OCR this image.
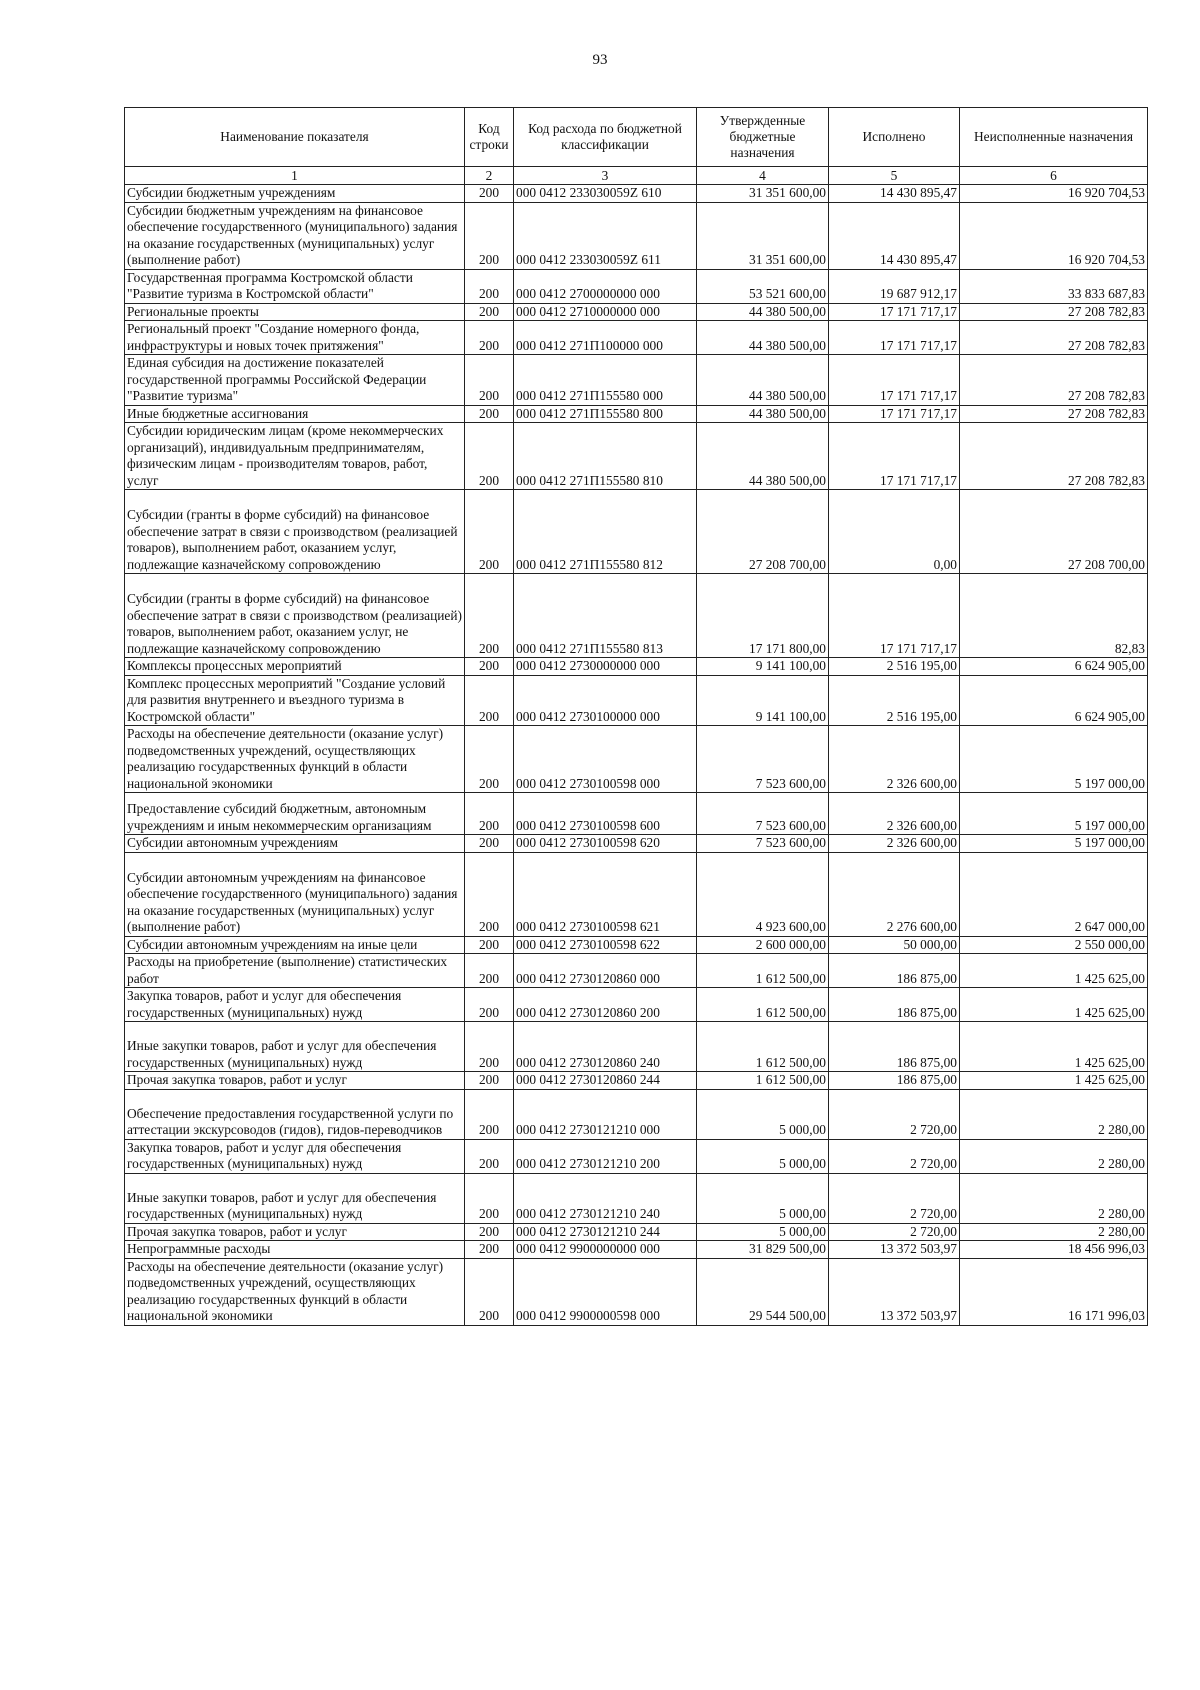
93
Наименование показателя	Код строки	Код расхода по бюджетной классификации	Утвержденные бюджетные назначения	Исполнено	Неисполненные назначения
1	2	3	4	5	6
Субсидии бюджетным учреждениям	200	000 0412 233030059Z 610	31 351 600,00	14 430 895,47	16 920 704,53
Субсидии бюджетным учреждениям на финансовое обеспечение государственного (муниципального) задания на оказание государственных (муниципальных) услуг (выполнение работ)	200	000 0412 233030059Z 611	31 351 600,00	14 430 895,47	16 920 704,53
Государственная программа Костромской области "Развитие туризма в Костромской области"	200	000 0412 2700000000 000	53 521 600,00	19 687 912,17	33 833 687,83
Региональные проекты	200	000 0412 2710000000 000	44 380 500,00	17 171 717,17	27 208 782,83
Региональный проект "Создание номерного фонда, инфраструктуры и новых точек притяжения"	200	000 0412 271П100000 000	44 380 500,00	17 171 717,17	27 208 782,83
Единая субсидия на достижение показателей государственной программы Российской Федерации "Развитие туризма"	200	000 0412 271П155580 000	44 380 500,00	17 171 717,17	27 208 782,83
Иные бюджетные ассигнования	200	000 0412 271П155580 800	44 380 500,00	17 171 717,17	27 208 782,83
Субсидии юридическим лицам (кроме некоммерческих организаций), индивидуальным предпринимателям, физическим лицам - производителям товаров, работ, услуг	200	000 0412 271П155580 810	44 380 500,00	17 171 717,17	27 208 782,83
Субсидии (гранты в форме субсидий) на финансовое обеспечение затрат в связи с производством (реализацией товаров), выполнением работ, оказанием услуг, подлежащие казначейскому сопровождению	200	000 0412 271П155580 812	27 208 700,00	0,00	27 208 700,00
Субсидии (гранты в форме субсидий) на финансовое обеспечение затрат в связи с производством (реализацией) товаров, выполнением работ, оказанием услуг, не подлежащие казначейскому сопровождению	200	000 0412 271П155580 813	17 171 800,00	17 171 717,17	82,83
Комплексы процессных мероприятий	200	000 0412 2730000000 000	9 141 100,00	2 516 195,00	6 624 905,00
Комплекс процессных мероприятий "Создание условий для развития внутреннего и въездного туризма в Костромской области"	200	000 0412 2730100000 000	9 141 100,00	2 516 195,00	6 624 905,00
Расходы на обеспечение деятельности (оказание услуг) подведомственных учреждений, осуществляющих реализацию государственных функций в области национальной экономики	200	000 0412 2730100598 000	7 523 600,00	2 326 600,00	5 197 000,00
Предоставление субсидий бюджетным, автономным учреждениям и иным некоммерческим организациям	200	000 0412 2730100598 600	7 523 600,00	2 326 600,00	5 197 000,00
Субсидии автономным учреждениям	200	000 0412 2730100598 620	7 523 600,00	2 326 600,00	5 197 000,00
Субсидии автономным учреждениям на финансовое обеспечение государственного (муниципального) задания на оказание государственных (муниципальных) услуг (выполнение работ)	200	000 0412 2730100598 621	4 923 600,00	2 276 600,00	2 647 000,00
Субсидии автономным учреждениям на иные цели	200	000 0412 2730100598 622	2 600 000,00	50 000,00	2 550 000,00
Расходы на приобретение (выполнение) статистических работ	200	000 0412 2730120860 000	1 612 500,00	186 875,00	1 425 625,00
Закупка товаров, работ и услуг для обеспечения государственных (муниципальных) нужд	200	000 0412 2730120860 200	1 612 500,00	186 875,00	1 425 625,00
Иные закупки товаров, работ и услуг для обеспечения государственных (муниципальных) нужд	200	000 0412 2730120860 240	1 612 500,00	186 875,00	1 425 625,00
Прочая закупка товаров, работ и услуг	200	000 0412 2730120860 244	1 612 500,00	186 875,00	1 425 625,00
Обеспечение предоставления государственной услуги по аттестации экскурсоводов (гидов), гидов-переводчиков	200	000 0412 2730121210 000	5 000,00	2 720,00	2 280,00
Закупка товаров, работ и услуг для обеспечения государственных (муниципальных) нужд	200	000 0412 2730121210 200	5 000,00	2 720,00	2 280,00
Иные закупки товаров, работ и услуг для обеспечения государственных (муниципальных) нужд	200	000 0412 2730121210 240	5 000,00	2 720,00	2 280,00
Прочая закупка товаров, работ и услуг	200	000 0412 2730121210 244	5 000,00	2 720,00	2 280,00
Непрограммные расходы	200	000 0412 9900000000 000	31 829 500,00	13 372 503,97	18 456 996,03
Расходы на обеспечение деятельности (оказание услуг) подведомственных учреждений, осуществляющих реализацию государственных функций в области национальной экономики	200	000 0412 9900000598 000	29 544 500,00	13 372 503,97	16 171 996,03
